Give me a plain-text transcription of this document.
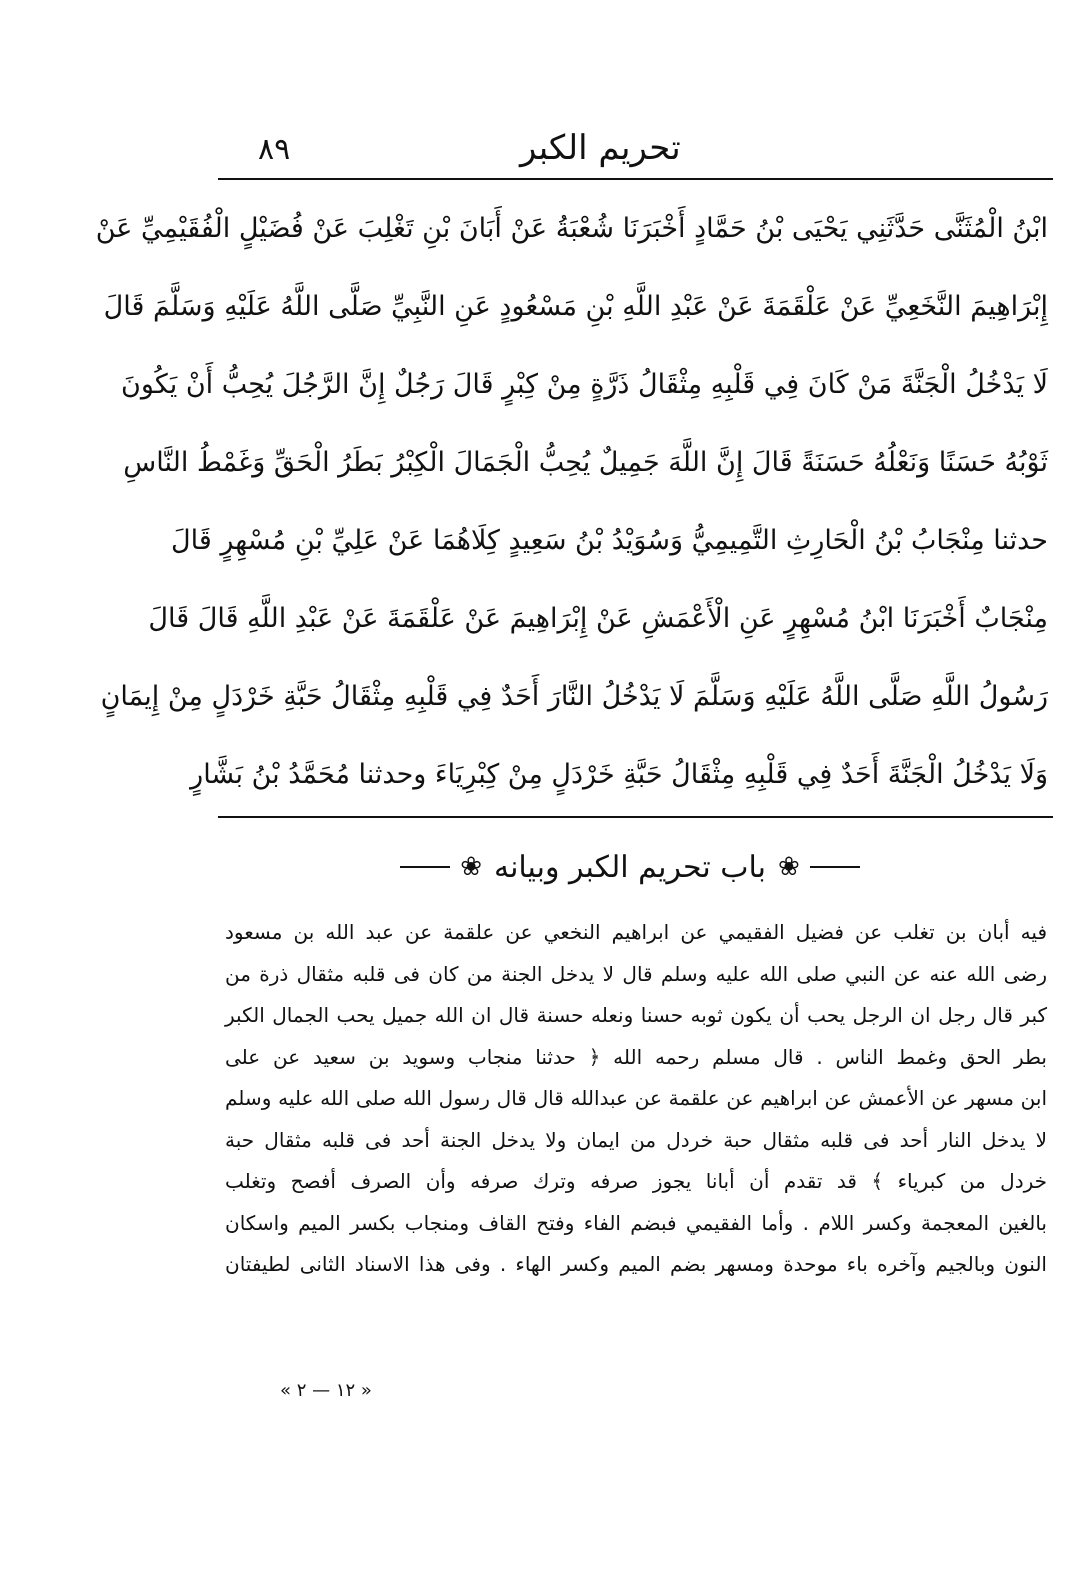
٨٩	تحريم الكبر
ابْنُ الْمُثَنَّى حَدَّثَنِي يَحْيَى بْنُ حَمَّادٍ أَخْبَرَنَا شُعْبَةُ عَنْ أَبَانَ بْنِ تَغْلِبَ عَنْ فُضَيْلٍ الْفُقَيْمِيِّ عَنْ
إِبْرَاهِيمَ النَّخَعِيِّ عَنْ عَلْقَمَةَ عَنْ عَبْدِ اللَّهِ بْنِ مَسْعُودٍ عَنِ النَّبِيِّ صَلَّى اللَّهُ عَلَيْهِ وَسَلَّمَ قَالَ
لَا يَدْخُلُ الْجَنَّةَ مَنْ كَانَ فِي قَلْبِهِ مِثْقَالُ ذَرَّةٍ مِنْ كِبْرٍ قَالَ رَجُلٌ إِنَّ الرَّجُلَ يُحِبُّ أَنْ يَكُونَ
ثَوْبُهُ حَسَنًا وَنَعْلُهُ حَسَنَةً قَالَ إِنَّ اللَّهَ جَمِيلٌ يُحِبُّ الْجَمَالَ الْكِبْرُ بَطَرُ الْحَقِّ وَغَمْطُ النَّاسِ
حدثنا مِنْجَابُ بْنُ الْحَارِثِ التَّمِيمِيُّ وَسُوَيْدُ بْنُ سَعِيدٍ كِلَاهُمَا عَنْ عَلِيِّ بْنِ مُسْهِرٍ قَالَ
مِنْجَابٌ أَخْبَرَنَا ابْنُ مُسْهِرٍ عَنِ الْأَعْمَشِ عَنْ إِبْرَاهِيمَ عَنْ عَلْقَمَةَ عَنْ عَبْدِ اللَّهِ قَالَ قَالَ
رَسُولُ اللَّهِ صَلَّى اللَّهُ عَلَيْهِ وَسَلَّمَ لَا يَدْخُلُ النَّارَ أَحَدٌ فِي قَلْبِهِ مِثْقَالُ حَبَّةِ خَرْدَلٍ مِنْ إِيمَانٍ
وَلَا يَدْخُلُ الْجَنَّةَ أَحَدٌ فِي قَلْبِهِ مِثْقَالُ حَبَّةِ خَرْدَلٍ مِنْ كِبْرِيَاءَ وحدثنا مُحَمَّدُ بْنُ بَشَّارٍ
❀
باب تحريم الكبر وبيانه
❀
فيه أبان بن تغلب عن فضيل الفقيمي عن ابراهيم النخعي عن علقمة عن عبد الله بن مسعود
رضى الله عنه عن النبي صلى الله عليه وسلم قال لا يدخل الجنة من كان فى قلبه مثقال ذرة من
كبر قال رجل ان الرجل يحب أن يكون ثوبه حسنا ونعله حسنة قال ان الله جميل يحب الجمال الكبر
بطر الحق وغمط الناس . قال مسلم رحمه الله ﴿ حدثنا منجاب وسويد بن سعيد عن على
ابن مسهر عن الأعمش عن ابراهيم عن علقمة عن عبدالله قال قال رسول الله صلى الله عليه وسلم
لا يدخل النار أحد فى قلبه مثقال حبة خردل من ايمان ولا يدخل الجنة أحد فى قلبه مثقال حبة
خردل من كبرياء ﴾ قد تقدم أن أبانا يجوز صرفه وترك صرفه وأن الصرف أفصح وتغلب
بالغين المعجمة وكسر اللام . وأما الفقيمي فبضم الفاء وفتح القاف ومنجاب بكسر الميم واسكان
النون وبالجيم وآخره باء موحدة ومسهر بضم الميم وكسر الهاء . وفى هذا الاسناد الثانى لطيفتان
« ١٢ — ٢ »
